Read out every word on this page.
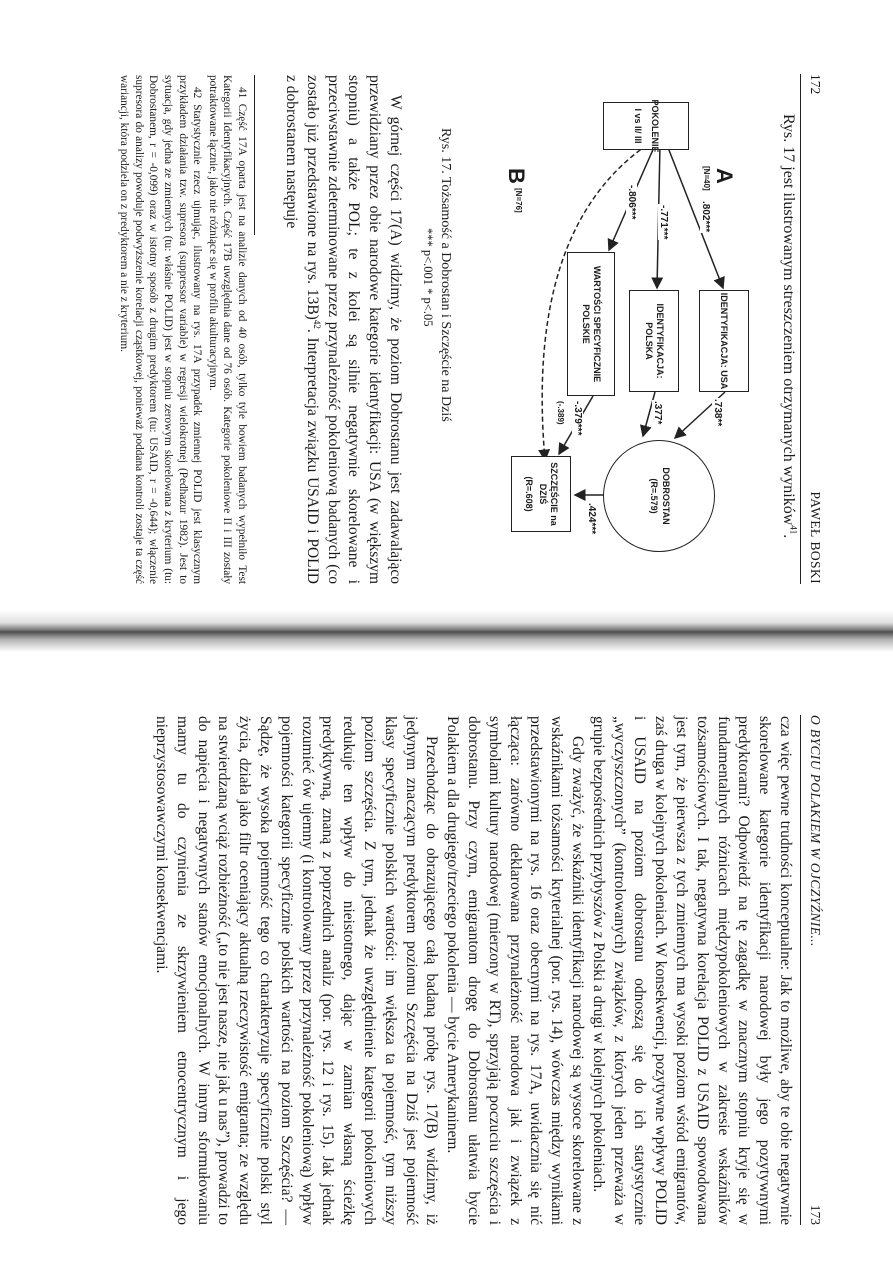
172
PAWEŁ BOSKI
Rys. 17 jest ilustrowanym streszczeniem otrzymanych wyników$^{41}$.
A
[N=40]
B
[N=76]
POKOLENIE
I vs II/ III
IDENTYFIKACJA: USA
IDENTYFIKACJA: POLSKA
WARTOŚCI SPECYFICZNIE POLSKIE
DOBROSTAN
(R=.579)
SZCZĘŚCIE na DZIŚ
(R=.608)
.802***
-.771***
-.806***
.738**
.377*
-.379***
(-.389)
.424***
Rys. 17. Tożsamość a Dobrostan i Szczęście na Dziś
*** p<.001 * p<.05

W górnej części 17(A) widzimy, że poziom Dobrostanu jest zadawalająco przewidziany przez obie narodowe kategorie identyfikacji: USA (w większym stopniu) a także POL; te z kolei są silnie negatywnie skorelowane i przeciwstawnie zdeterminowane przez przynależność pokoleniową badanych (co zostało już przedstawione na rys. 13B)$^{42}$. Interpretacja związku USAID i POLID z dobrostanem następuje

41 Część 17A oparta jest na analizie danych od 40 osób, tylko tyle bowiem badanych wypełniło Test Kategorii Identyfikacyjnych. Część 17B uwzględnia dane od 76 osób. Kategorie pokoleniowe II i III zostały potraktowane łącznie, jako nie różniące się w profilu akulturacyjnym.

42 Statystycznie rzecz ujmując, ilustrowany na rys. 17A przypadek zmiennej POLID jest klasycznym przykładem działania tzw. supresora (suppressor variable) w regresji wielokrotnej (Pedhazur 1982). Jest to sytuacja, gdy jedna ze zmiennych (tu: właśnie POLID) jest w stopniu zerowym skorelowana z kryterium (tu: Dobrostanem, r = -0,099) oraz w istotny sposób z drugim predyktorem (tu: USAID, r = -0,644); włączenie supresora do analizy powoduje podwyższenie korelacji cząstkowej, ponieważ poddana kontroli zostaje ta część wariancji, która podziela on z predyktorem a nie z kryterium.

173
O BYCIU POLAKIEM W OJCZYŹNIE...

cza więc pewne trudności konceptualne: Jak to możliwe, aby te obie negatywnie skorelowane kategorie identyfikacji narodowej były jego pozytywnymi predyktorami? Odpowiedź na tę zagadkę w znacznym stopniu kryje się w fundamentalnych różnicach międzypokoleniowych w zakresie wskaźników tożsamościowych. I tak, negatywna korelacja POLID z USAID spowodowana jest tym, że pierwsza z tych zmiennych ma wysoki poziom wśród emigrantów, zaś druga w kolejnych pokoleniach. W konsekwencji, pozytywne wpływy POLID i USAID na poziom dobrostanu odnoszą się do ich statystycznie „wyczyszczonych” (kontrolowanych) związków, z których jeden przeważa w grupie bezpośrednich przybyszów z Polski a drugi w kolejnych pokoleniach.

Gdy zważyć, że wskaźniki identyfikacji narodowej są wysoce skorelowane z wskaźnikami tożsamości kryterialnej (por. rys. 14), wówczas między wynikami przedstawionymi na rys. 16 oraz obecnymi na rys. 17A, uwidacznia się nić łącząca: zarówno deklarowana przynależność narodowa jak i związek z symbolami kultury narodowej (mierzony w RT), sprzyjają poczuciu szczęścia i dobrostanu. Przy czym, emigrantom drogę do Dobrostanu ułatwia bycie Polakiem a dla drugiego/trzeciego pokolenia — bycie Amerykaninem.

Przechodząc do obrazującego całą badaną próbę rys. 17(B) widzimy, iż jedynym znaczącym predyktorem poziomu Szczęścia na Dziś jest pojemność klasy specyficznie polskich wartości: im większa ta pojemność, tym niższy poziom szczęścia. Z tym, jednak że uwzględnienie kategorii pokoleniowych redukuje ten wpływ do nieistotnego, dając w zamian własną ścieżkę predyktywną, znaną z poprzednich analiz (por. rys. 12 i rys. 15). Jak jednak rozumieć ów ujemny (i kontrolowany przez przynależność pokoleniową) wpływ pojemności kategorii specyficznie polskich wartości na poziom Szczęścia? — Sądzę, że wysoka pojemność tego co charakteryzuje specyficznie polski styl życia, działa jako filtr oceniający aktualną rzeczywistość emigranta; ze względu na stwierdzaną wciąż rozbieżność („to nie jest nasze, nie jak u nas”), prowadzi to do napięcia i negatywnych stanów emocjonalnych. W innym sformułowaniu mamy tu do czynienia ze skrzywieniem etnocentrycznym i jego nieprzystosowawczymi konsekwencjami.
